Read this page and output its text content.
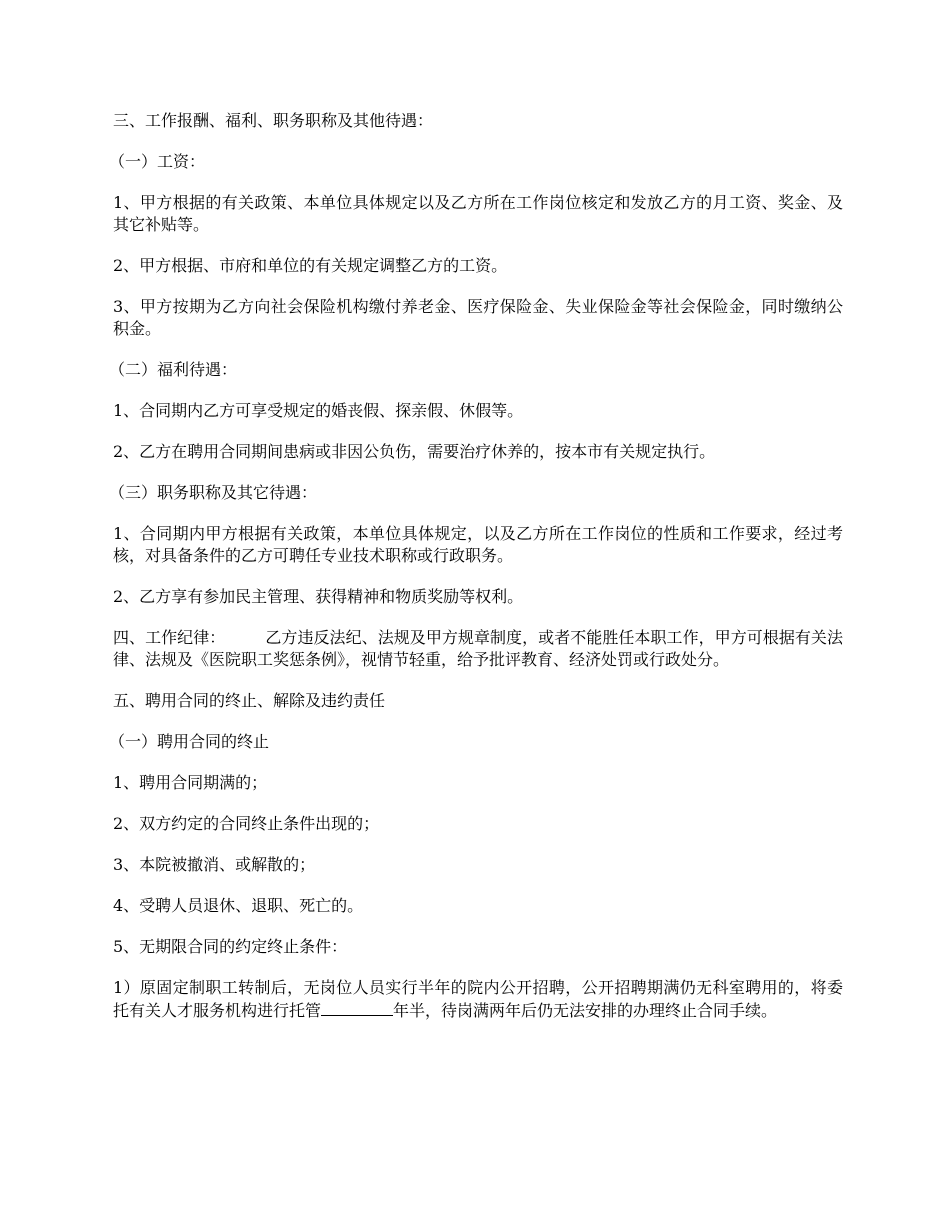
三、工作报酬、福利、职务职称及其他待遇：

（一）工资：

1、甲方根据的有关政策、本单位具体规定以及乙方所在工作岗位核定和发放乙方的月工资、奖金、及其它补贴等。

2、甲方根据、市府和单位的有关规定调整乙方的工资。

3、甲方按期为乙方向社会保险机构缴付养老金、医疗保险金、失业保险金等社会保险金，同时缴纳公积金。

（二）福利待遇：

1、合同期内乙方可享受规定的婚丧假、探亲假、休假等。

2、乙方在聘用合同期间患病或非因公负伤，需要治疗休养的，按本市有关规定执行。

（三）职务职称及其它待遇：

1、合同期内甲方根据有关政策，本单位具体规定，以及乙方所在工作岗位的性质和工作要求，经过考核，对具备条件的乙方可聘任专业技术职称或行政职务。

2、乙方享有参加民主管理、获得精神和物质奖励等权利。

四、工作纪律：	乙方违反法纪、法规及甲方规章制度，或者不能胜任本职工作，甲方可根据有关法律、法规及《医院职工奖惩条例》，视情节轻重，给予批评教育、经济处罚或行政处分。

五、聘用合同的终止、解除及违约责任

（一）聘用合同的终止

1、聘用合同期满的；

2、双方约定的合同终止条件出现的；

3、本院被撤消、或解散的；

4、受聘人员退休、退职、死亡的。

5、无期限合同的约定终止条件：

1）原固定制职工转制后，无岗位人员实行半年的院内公开招聘，公开招聘期满仍无科室聘用的，将委托有关人才服务机构进行托管	年半，待岗满两年后仍无法安排的办理终止合同手续。
